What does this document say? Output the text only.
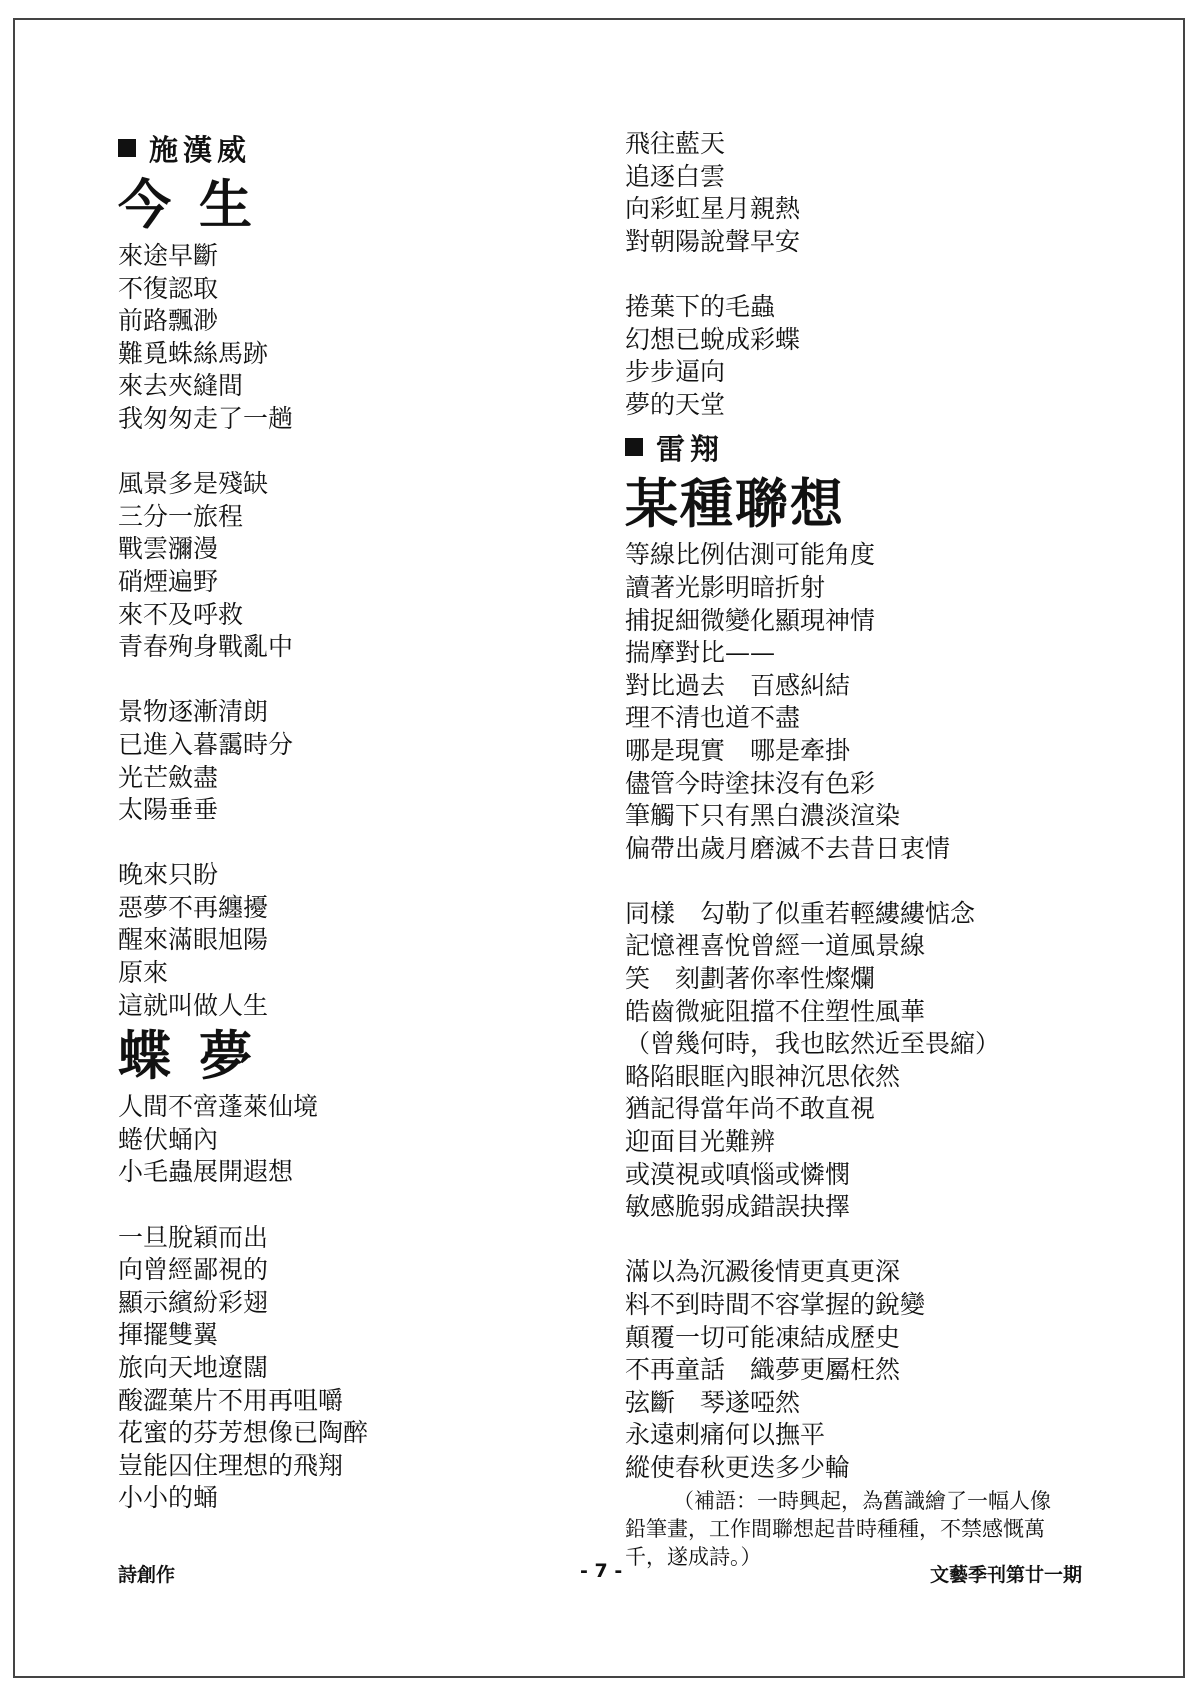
施漢威
今生
來途早斷
不復認取
前路飄渺
難覓蛛絲馬跡
來去夾縫間
我匆匆走了一趟
風景多是殘缺
三分一旅程
戰雲瀰漫
硝煙遍野
來不及呼救
青春殉身戰亂中
景物逐漸清朗
已進入暮靄時分
光芒斂盡
太陽垂垂
晚來只盼
惡夢不再纏擾
醒來滿眼旭陽
原來
這就叫做人生
蝶夢
人間不啻蓬萊仙境
蜷伏蛹內
小毛蟲展開遐想
一旦脫穎而出
向曾經鄙視的
顯示繽紛彩翅
揮擺雙翼
旅向天地遼闊
酸澀葉片不用再咀嚼
花蜜的芬芳想像已陶醉
豈能囚住理想的飛翔
小小的蛹
飛往藍天
追逐白雲
向彩虹星月親熱
對朝陽說聲早安
捲葉下的毛蟲
幻想已蛻成彩蝶
步步逼向
夢的天堂
雷翔
某種聯想
等線比例估測可能角度
讀著光影明暗折射
捕捉細微變化顯現神情
揣摩對比——
對比過去　百感糾結
理不清也道不盡
哪是現實　哪是牽掛
儘管今時塗抹沒有色彩
筆觸下只有黑白濃淡渲染
偏帶出歲月磨滅不去昔日衷情
同樣　勾勒了似重若輕縷縷惦念
記憶裡喜悅曾經一道風景線
笑　刻劃著你率性燦爛
皓齒微疵阻擋不住塑性風華
（曾幾何時，我也眩然近至畏縮）
略陷眼眶內眼神沉思依然
猶記得當年尚不敢直視
迎面目光難辨
或漠視或嗔惱或憐憫
敏感脆弱成錯誤抉擇
滿以為沉澱後情更真更深
料不到時間不容掌握的銳變
顛覆一切可能凍結成歷史
不再童話　織夢更屬枉然
弦斷　琴遂啞然
永遠刺痛何以撫平
縱使春秋更迭多少輪
（補語：一時興起，為舊識繪了一幅人像
鉛筆畫，工作間聯想起昔時種種，不禁感慨萬
千，遂成詩。）
詩創作	- 7 -	文藝季刊第廿一期
